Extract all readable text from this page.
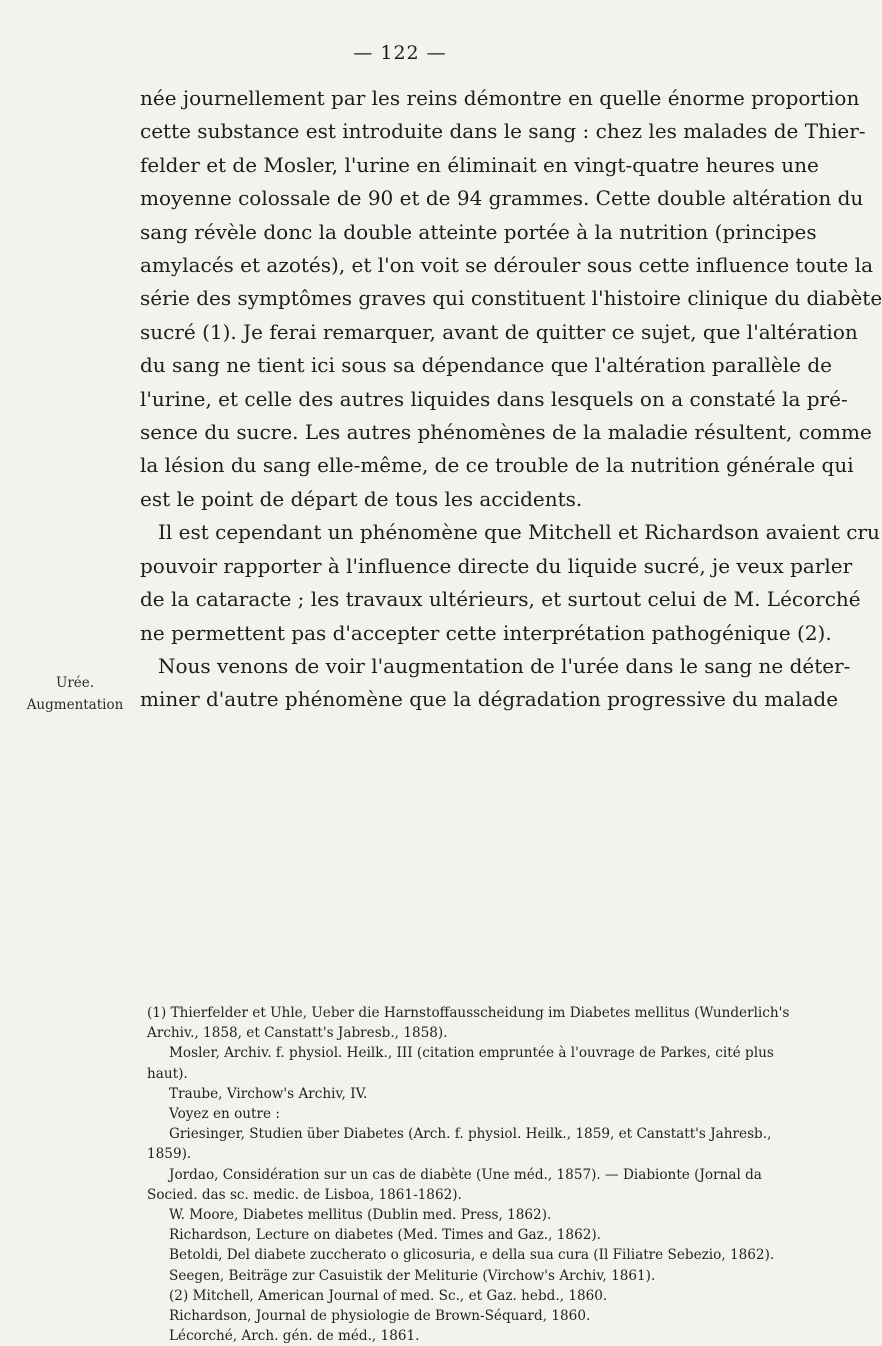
— 122 —
Urée.
Augmentation
née journellement par les reins démontre en quelle énorme proportion
cette substance est introduite dans le sang : chez les malades de Thier-
felder et de Mosler, l'urine en éliminait en vingt-quatre heures une
moyenne colossale de 90 et de 94 grammes. Cette double altération du
sang révèle donc la double atteinte portée à la nutrition (principes
amylacés et azotés), et l'on voit se dérouler sous cette influence toute la
série des symptômes graves qui constituent l'histoire clinique du diabète
sucré (1). Je ferai remarquer, avant de quitter ce sujet, que l'altération
du sang ne tient ici sous sa dépendance que l'altération parallèle de
l'urine, et celle des autres liquides dans lesquels on a constaté la pré-
sence du sucre. Les autres phénomènes de la maladie résultent, comme
la lésion du sang elle-même, de ce trouble de la nutrition générale qui
est le point de départ de tous les accidents.
Il est cependant un phénomène que Mitchell et Richardson avaient cru
pouvoir rapporter à l'influence directe du liquide sucré, je veux parler
de la cataracte ; les travaux ultérieurs, et surtout celui de M. Lécorché
ne permettent pas d'accepter cette interprétation pathogénique (2).
Nous venons de voir l'augmentation de l'urée dans le sang ne déter-
miner d'autre phénomène que la dégradation progressive du malade
(1) Thierfelder et Uhle, Ueber die Harnstoffausscheidung im Diabetes mellitus (Wunderlich's
Archiv., 1858, et Canstatt's Jabresb., 1858).
Mosler, Archiv. f. physiol. Heilk., III (citation empruntée à l'ouvrage de Parkes, cité plus
haut).
Traube, Virchow's Archiv, IV.
Voyez en outre :
Griesinger, Studien über Diabetes (Arch. f. physiol. Heilk., 1859, et Canstatt's Jahresb.,
1859).
Jordao, Considération sur un cas de diabète (Une méd., 1857). — Diabionte (Jornal da
Socied. das sc. medic. de Lisboa, 1861-1862).
W. Moore, Diabetes mellitus (Dublin med. Press, 1862).
Richardson, Lecture on diabetes (Med. Times and Gaz., 1862).
Betoldi, Del diabete zuccherato o glicosuria, e della sua cura (Il Filiatre Sebezio, 1862).
Seegen, Beiträge zur Casuistik der Meliturie (Virchow's Archiv, 1861).
(2) Mitchell, American Journal of med. Sc., et Gaz. hebd., 1860.
Richardson, Journal de physiologie de Brown-Séquard, 1860.
Lécorché, Arch. gén. de méd., 1861.
